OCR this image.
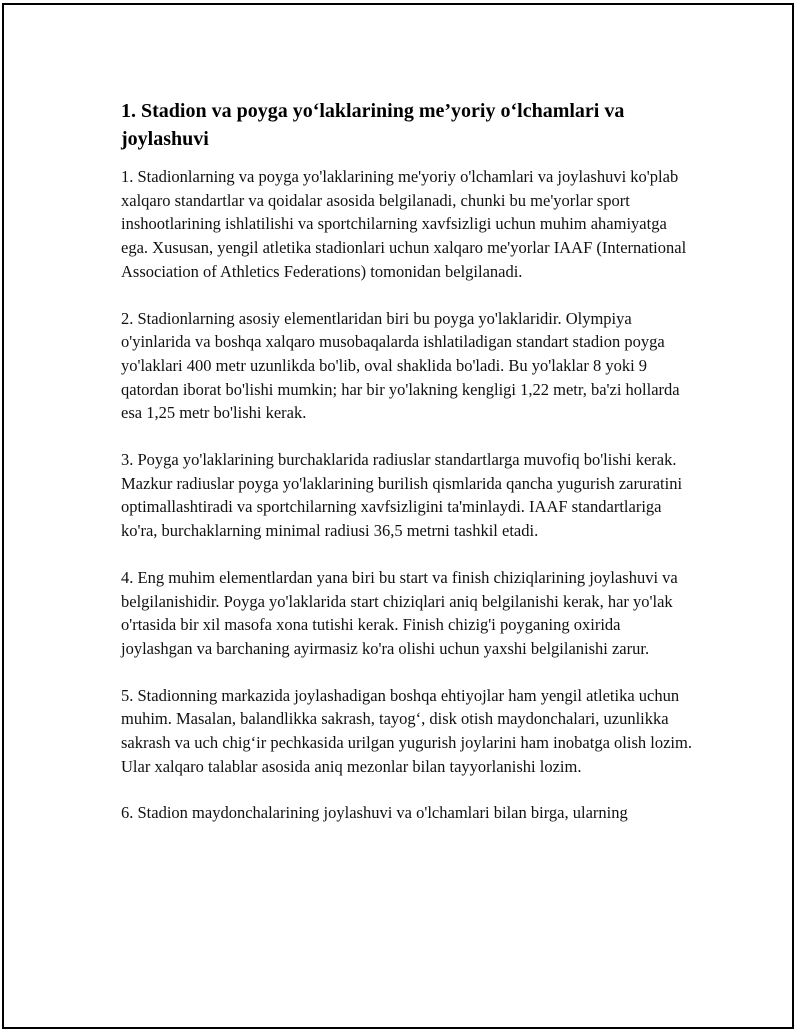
1. Stadion va poyga yo‘laklarining me’yoriy o‘lchamlari va joylashuvi

1. Stadionlarning va poyga yo'laklarining me'yoriy o'lchamlari va joylashuvi ko'plab xalqaro standartlar va qoidalar asosida belgilanadi, chunki bu me'yorlar sport inshootlarining ishlatilishi va sportchilarning xavfsizligi uchun muhim ahamiyatga ega. Xususan, yengil atletika stadionlari uchun xalqaro me'yorlar IAAF (International Association of Athletics Federations) tomonidan belgilanadi.

2. Stadionlarning asosiy elementlaridan biri bu poyga yo'laklaridir. Olympiya o'yinlarida va boshqa xalqaro musobaqalarda ishlatiladigan standart stadion poyga yo'laklari 400 metr uzunlikda bo'lib, oval shaklida bo'ladi. Bu yo'laklar 8 yoki 9 qatordan iborat bo'lishi mumkin; har bir yo'lakning kengligi 1,22 metr, ba'zi hollarda esa 1,25 metr bo'lishi kerak.

3. Poyga yo'laklarining burchaklarida radiuslar standartlarga muvofiq bo'lishi kerak. Mazkur radiuslar poyga yo'laklarining burilish qismlarida qancha yugurish zaruratini optimallashtiradi va sportchilarning xavfsizligini ta'minlaydi. IAAF standartlariga ko'ra, burchaklarning minimal radiusi 36,5 metrni tashkil etadi.

4. Eng muhim elementlardan yana biri bu start va finish chiziqlarining joylashuvi va belgilanishidir. Poyga yo'laklarida start chiziqlari aniq belgilanishi kerak, har yo'lak o'rtasida bir xil masofa xona tutishi kerak. Finish chizig'i poyganing oxirida joylashgan va barchaning ayirmasiz ko'ra olishi uchun yaxshi belgilanishi zarur.

5. Stadionning markazida joylashadigan boshqa ehtiyojlar ham yengil atletika uchun muhim. Masalan, balandlikka sakrash, tayog‘, disk otish maydonchalari, uzunlikka sakrash va uch chig‘ir pechkasida urilgan yugurish joylarini ham inobatga olish lozim. Ular xalqaro talablar asosida aniq mezonlar bilan tayyorlanishi lozim.

6. Stadion maydonchalarining joylashuvi va o'lchamlari bilan birga, ularning
